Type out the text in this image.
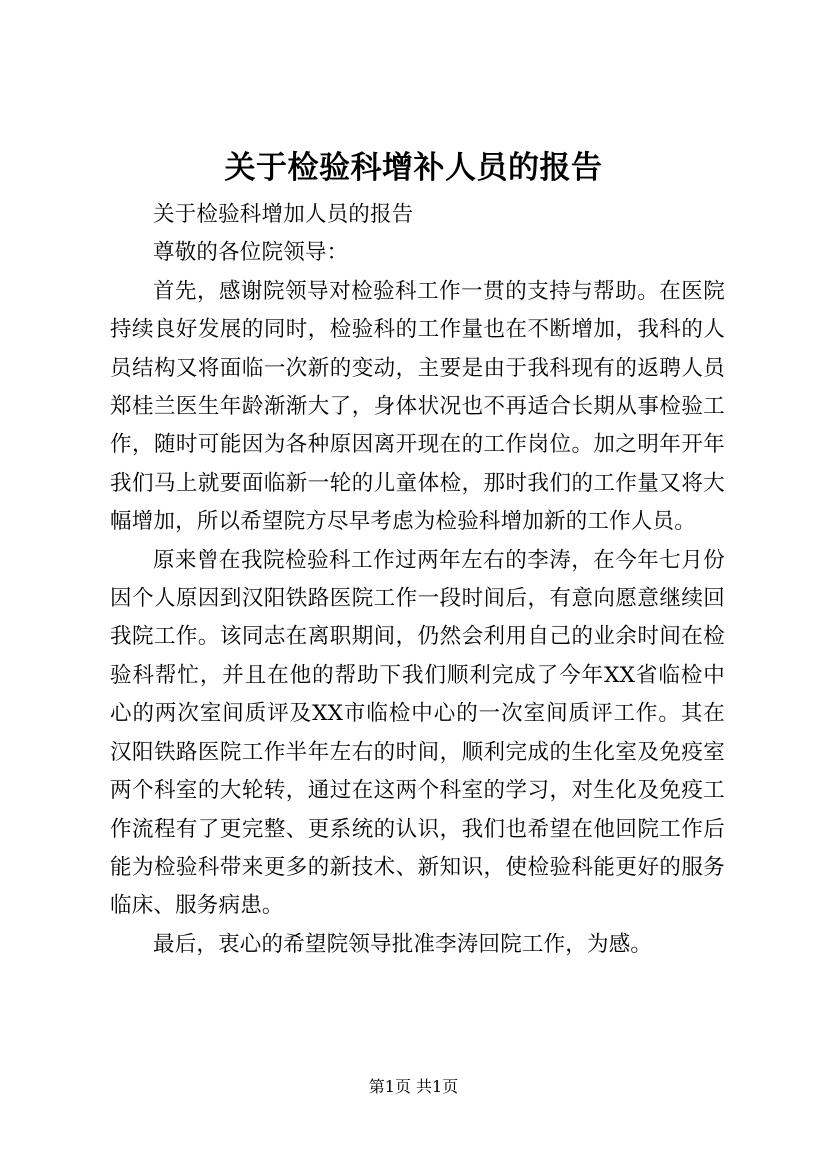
关于检验科增补人员的报告

关于检验科增加人员的报告

尊敬的各位院领导：

首先，感谢院领导对检验科工作一贯的支持与帮助。在医院持续良好发展的同时，检验科的工作量也在不断增加，我科的人员结构又将面临一次新的变动，主要是由于我科现有的返聘人员郑桂兰医生年龄渐渐大了，身体状况也不再适合长期从事检验工作，随时可能因为各种原因离开现在的工作岗位。加之明年开年我们马上就要面临新一轮的儿童体检，那时我们的工作量又将大幅增加，所以希望院方尽早考虑为检验科增加新的工作人员。

原来曾在我院检验科工作过两年左右的李涛，在今年七月份因个人原因到汉阳铁路医院工作一段时间后，有意向愿意继续回我院工作。该同志在离职期间，仍然会利用自己的业余时间在检验科帮忙，并且在他的帮助下我们顺利完成了今年XX省临检中心的两次室间质评及XX市临检中心的一次室间质评工作。其在汉阳铁路医院工作半年左右的时间，顺利完成的生化室及免疫室两个科室的大轮转，通过在这两个科室的学习，对生化及免疫工作流程有了更完整、更系统的认识，我们也希望在他回院工作后能为检验科带来更多的新技术、新知识，使检验科能更好的服务临床、服务病患。

最后，衷心的希望院领导批准李涛回院工作，为感。

第1页 共1页
